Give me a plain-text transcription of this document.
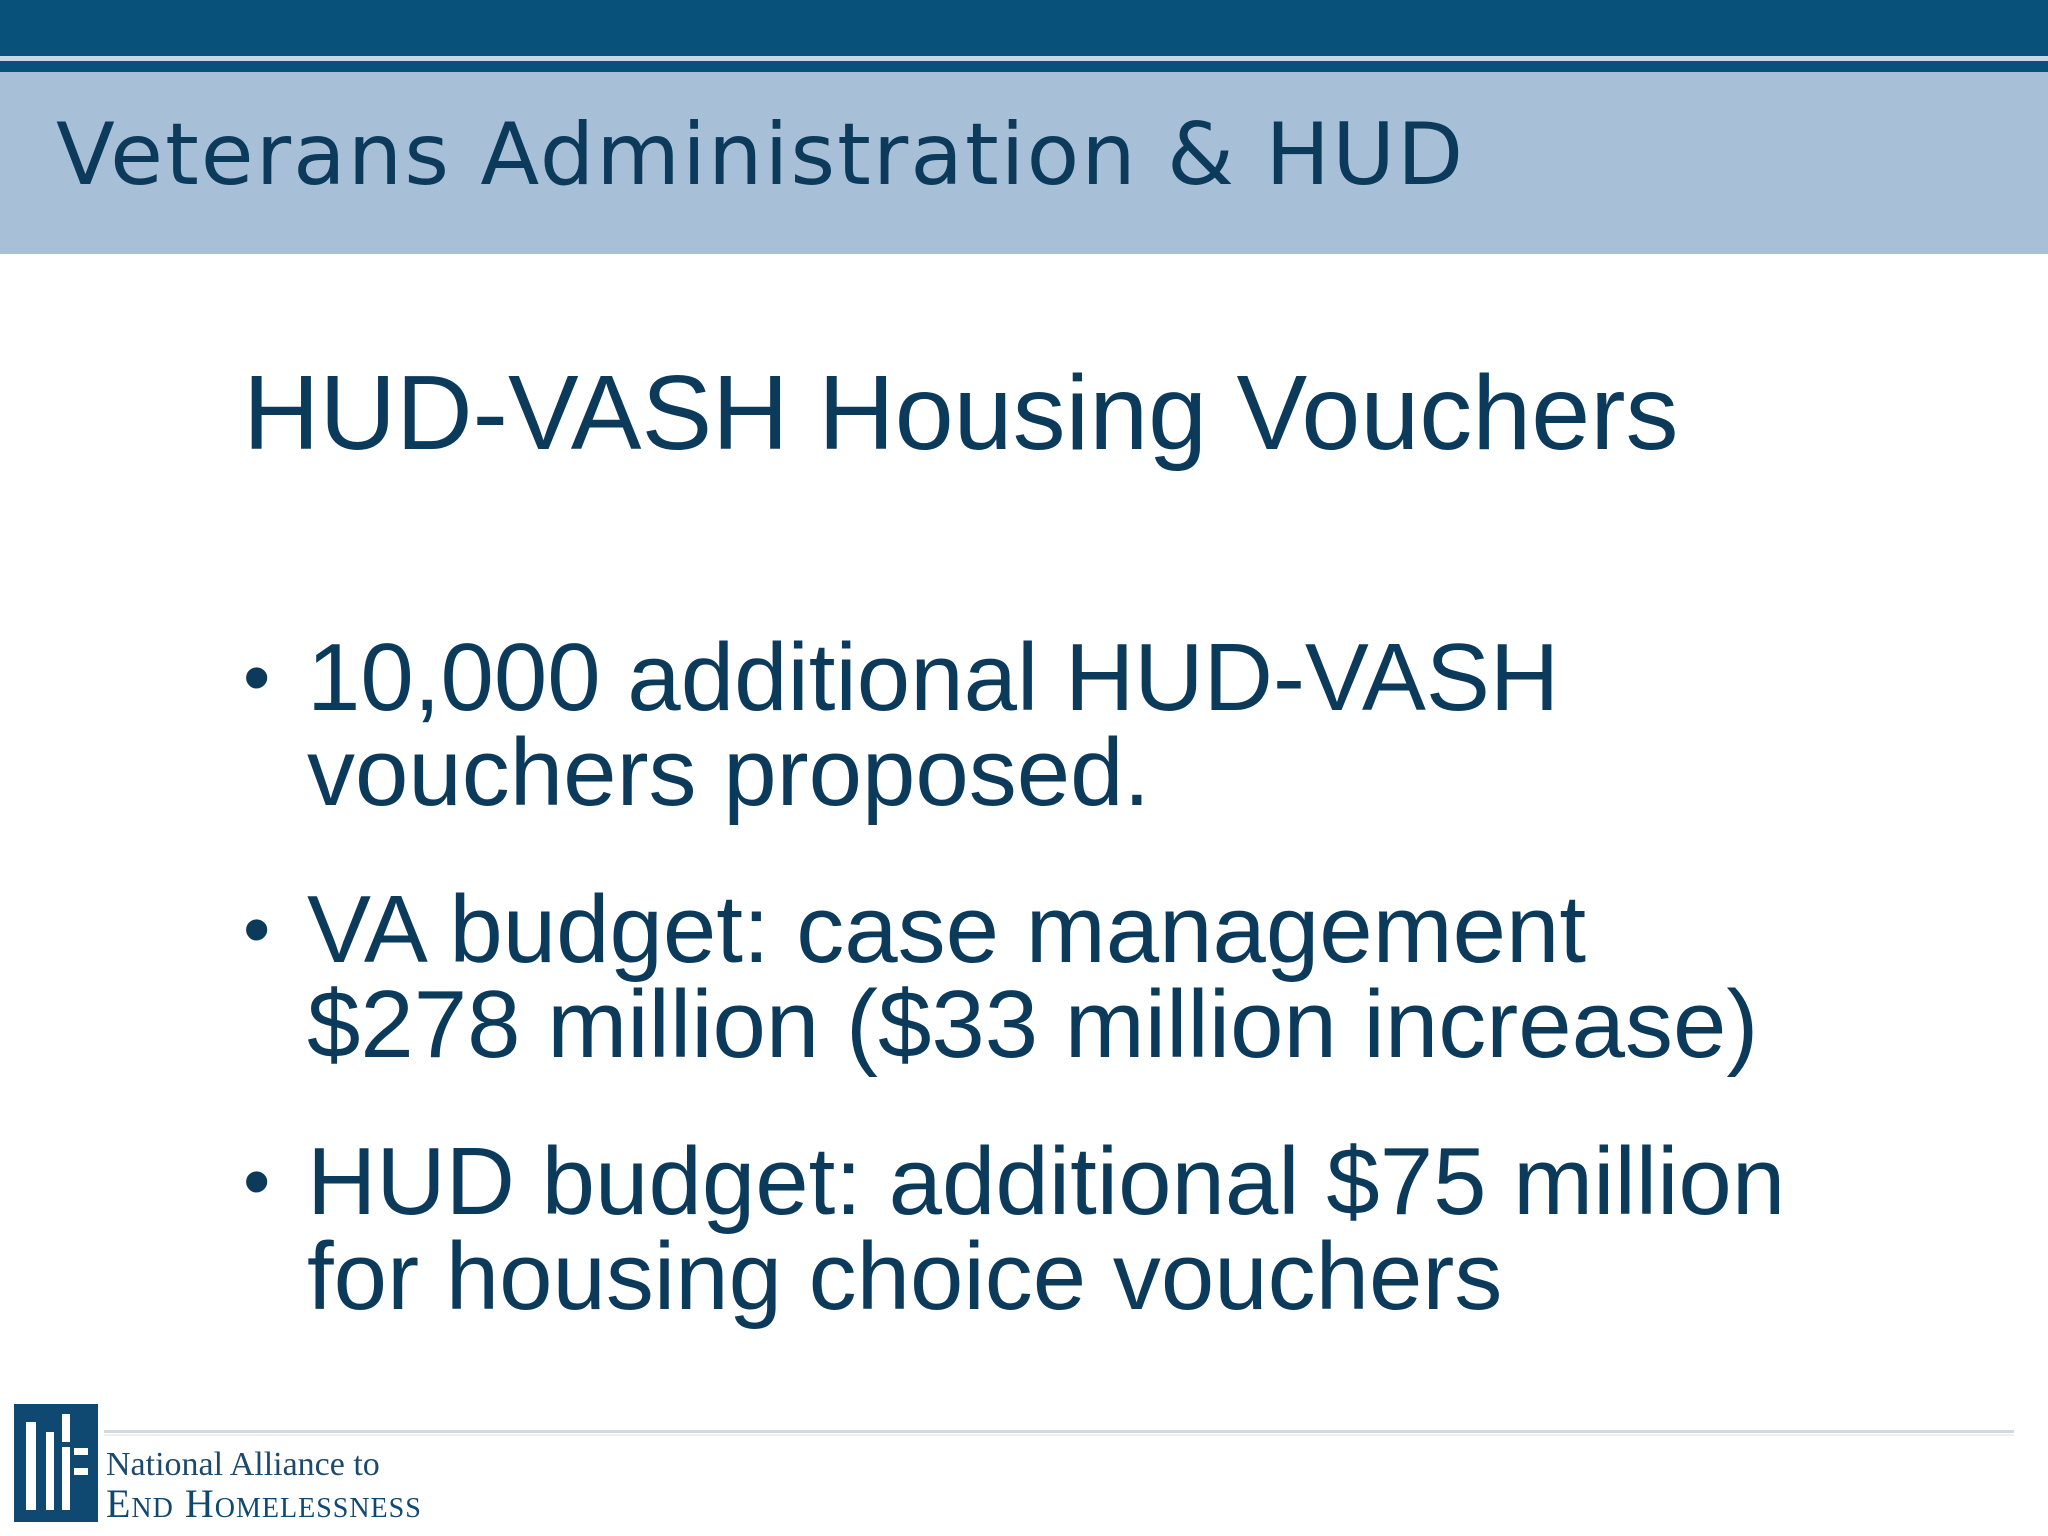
Veterans Administration & HUD
HUD-VASH Housing Vouchers
• 10,000 additional HUD-VASH
vouchers proposed.
• VA budget: case management
$278 million ($33 million increase)
• HUD budget: additional $75 million
for housing choice vouchers
National Alliance to
End Homelessness
